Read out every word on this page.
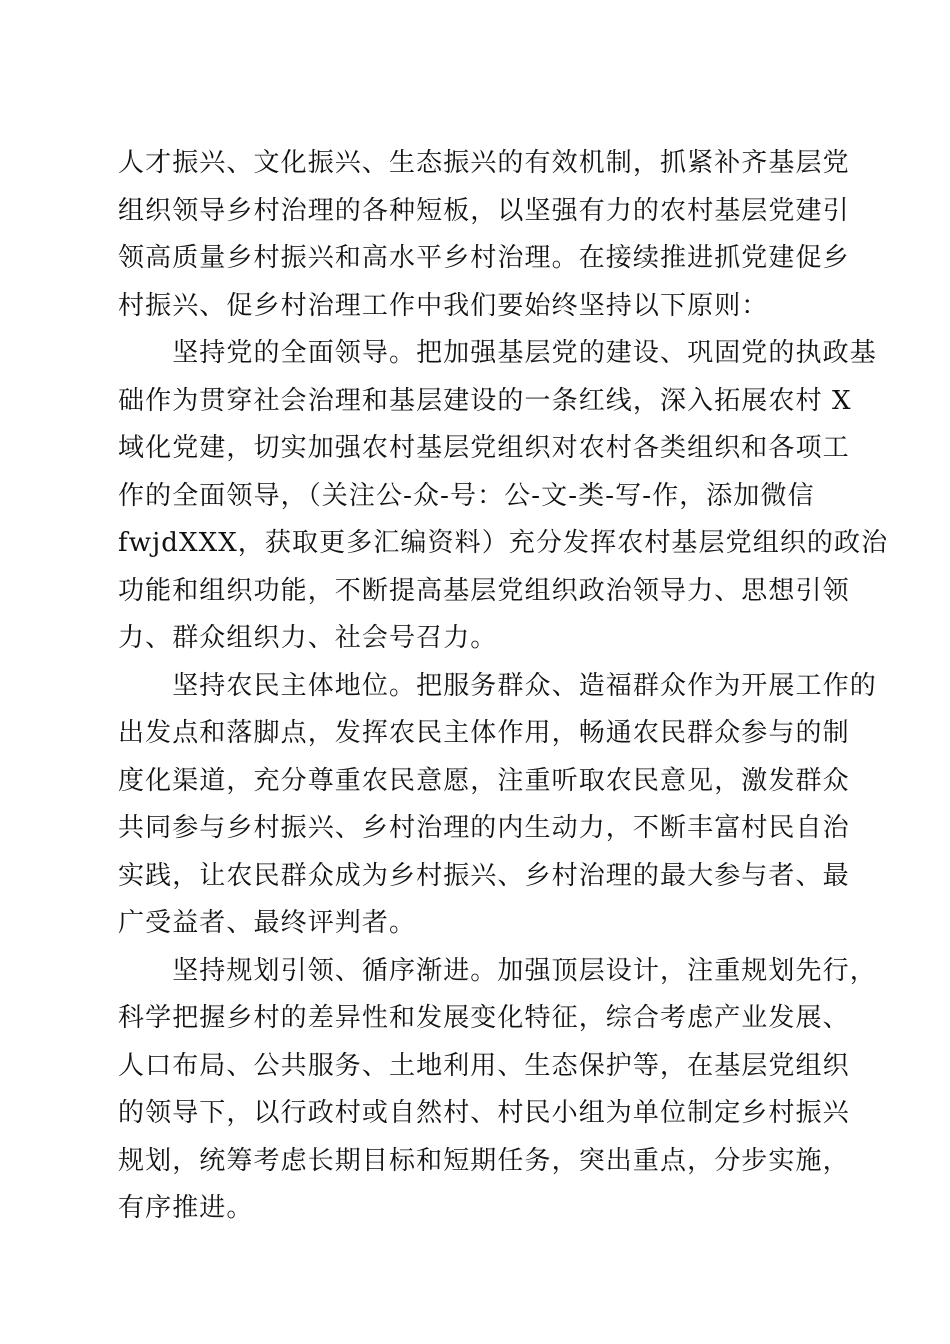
人才振兴、文化振兴、生态振兴的有效机制，抓紧补齐基层党
组织领导乡村治理的各种短板，以坚强有力的农村基层党建引
领高质量乡村振兴和高水平乡村治理。在接续推进抓党建促乡
村振兴、促乡村治理工作中我们要始终坚持以下原则：
　　坚持党的全面领导。把加强基层党的建设、巩固党的执政基
础作为贯穿社会治理和基层建设的一条红线，深入拓展农村 X
域化党建，切实加强农村基层党组织对农村各类组织和各项工
作的全面领导，（关注公-众-号：公-文-类-写-作，添加微信
fwjdXXX，获取更多汇编资料）充分发挥农村基层党组织的政治
功能和组织功能，不断提高基层党组织政治领导力、思想引领
力、群众组织力、社会号召力。
　　坚持农民主体地位。把服务群众、造福群众作为开展工作的
出发点和落脚点，发挥农民主体作用，畅通农民群众参与的制
度化渠道，充分尊重农民意愿，注重听取农民意见，激发群众
共同参与乡村振兴、乡村治理的内生动力，不断丰富村民自治
实践，让农民群众成为乡村振兴、乡村治理的最大参与者、最
广受益者、最终评判者。
　　坚持规划引领、循序渐进。加强顶层设计，注重规划先行，
科学把握乡村的差异性和发展变化特征，综合考虑产业发展、
人口布局、公共服务、土地利用、生态保护等，在基层党组织
的领导下，以行政村或自然村、村民小组为单位制定乡村振兴
规划，统筹考虑长期目标和短期任务，突出重点，分步实施，
有序推进。
